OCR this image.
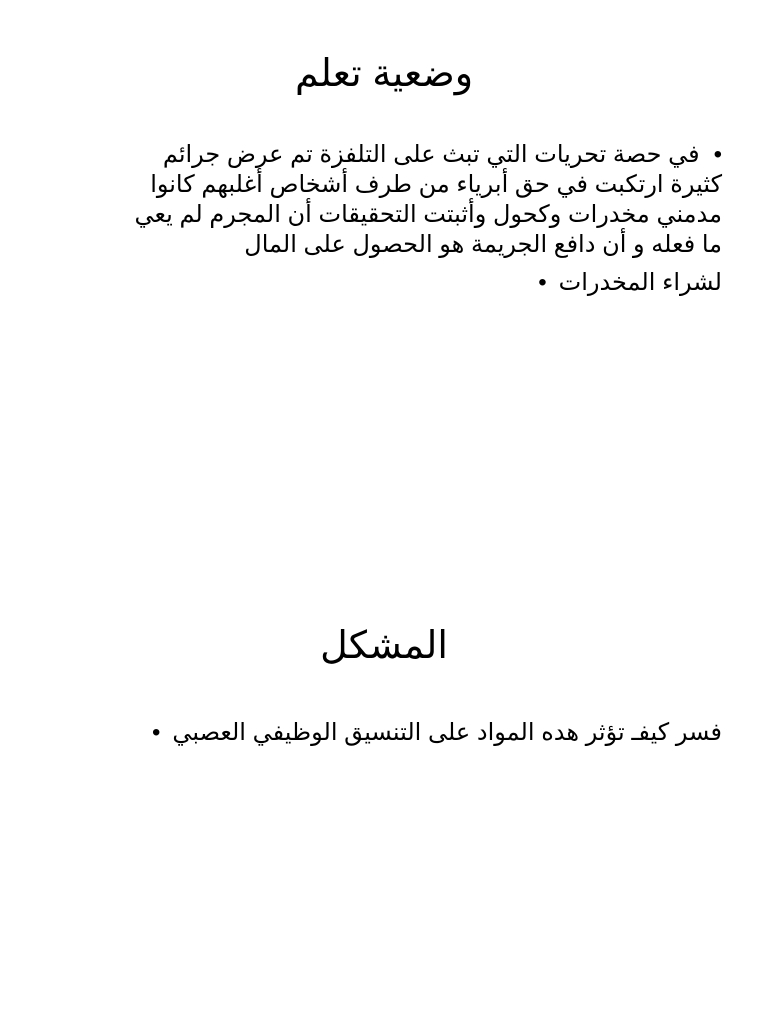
وضعية تعلم
•في حصة تحريات التي تبث على التلفزة تم عرض جرائم
كثيرة ارتكبت في حق أبرياء من طرف أشخاص أغلبهم كانوا
مدمني مخدرات وكحول وأثبتت التحقيقات أن المجرم لم يعي
ما فعله و أن دافع الجريمة هو الحصول على المال
لشراء المخدرات•
المشكل
فسر كيفـ تؤثر هده المواد على التنسيق الوظيفي العصبي•
